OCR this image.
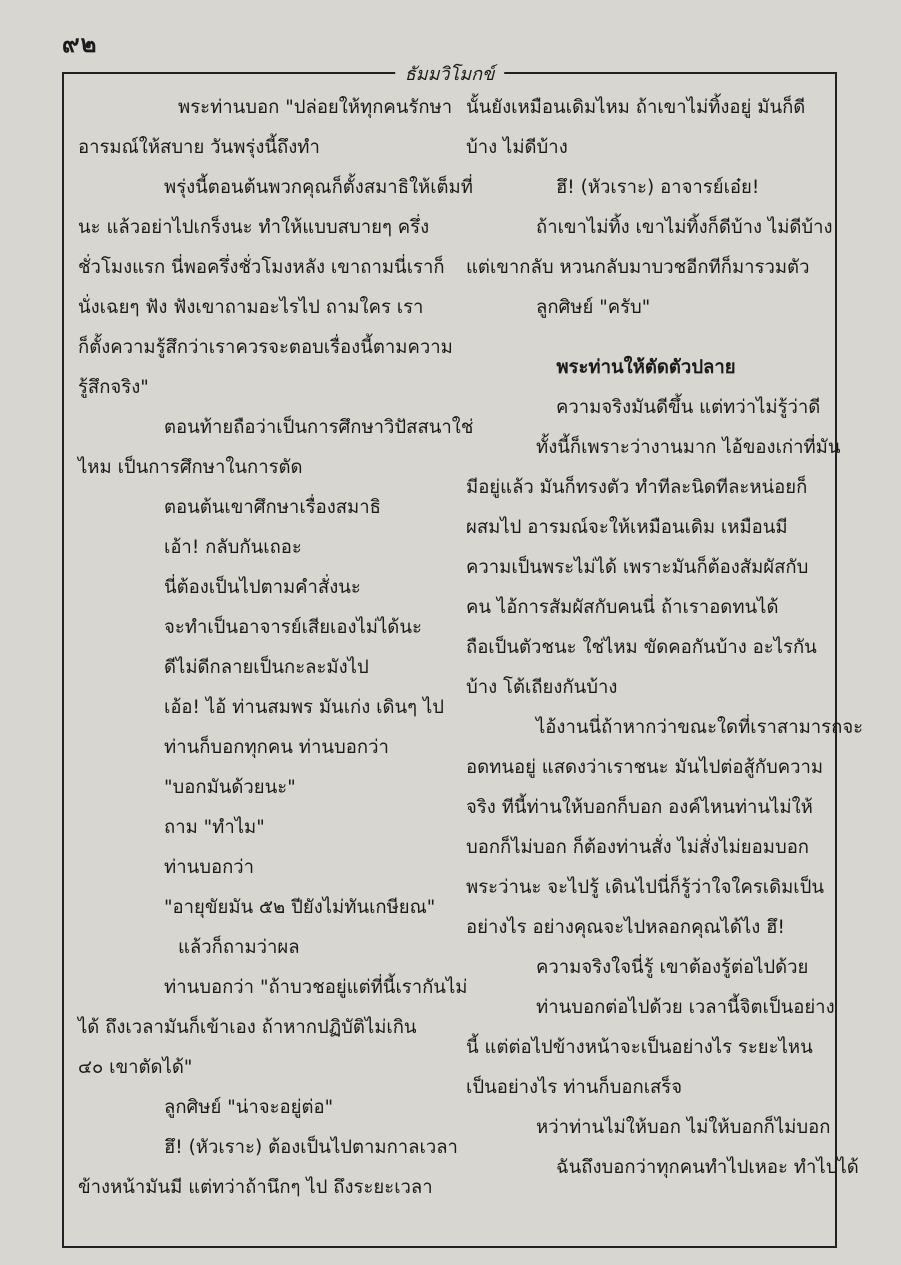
๙๒
ธัมมวิโมกข์

พระท่านบอก "ปล่อยให้ทุกคนรักษา

อารมณ์ให้สบาย วันพรุ่งนี้ถึงทำ

พรุ่งนี้ตอนต้นพวกคุณก็ตั้งสมาธิให้เต็มที่

นะ แล้วอย่าไปเกร็งนะ ทำให้แบบสบายๆ ครึ่ง

ชั่วโมงแรก นี่พอครึ่งชั่วโมงหลัง เขาถามนี่เราก็

นั่งเฉยๆ ฟัง ฟังเขาถามอะไรไป ถามใคร เรา

ก็ตั้งความรู้สึกว่าเราควรจะตอบเรื่องนี้ตามความ

รู้สึกจริง"

ตอนท้ายถือว่าเป็นการศึกษาวิปัสสนาใช่

ไหม เป็นการศึกษาในการตัด

ตอนต้นเขาศึกษาเรื่องสมาธิ

เอ้า! กลับกันเถอะ

นี่ต้องเป็นไปตามคำสั่งนะ

จะทำเป็นอาจารย์เสียเองไม่ได้นะ

ดีไม่ดีกลายเป็นกะละมังไป

เอ้อ! ไอ้ ท่านสมพร มันเก่ง เดินๆ ไป

ท่านก็บอกทุกคน ท่านบอกว่า

"บอกมันด้วยนะ"

ถาม "ทำไม"

ท่านบอกว่า

"อายุขัยมัน ๕๒ ปียังไม่ทันเกษียณ"

แล้วก็ถามว่าผล

ท่านบอกว่า "ถ้าบวชอยู่แต่ที่นี้เรากันไม่

ได้ ถึงเวลามันก็เข้าเอง ถ้าหากปฏิบัติไม่เกิน

๔๐ เขาตัดได้"

ลูกศิษย์ "น่าจะอยู่ต่อ"

ฮึ! (หัวเราะ) ต้องเป็นไปตามกาลเวลา

ข้างหน้ามันมี แต่ทว่าถ้านึกๆ ไป ถึงระยะเวลา

นั้นยังเหมือนเดิมไหม ถ้าเขาไม่ทิ้งอยู่ มันก็ดี

บ้าง ไม่ดีบ้าง

ฮึ! (หัวเราะ) อาจารย์เอ๋ย!

ถ้าเขาไม่ทิ้ง เขาไม่ทิ้งก็ดีบ้าง ไม่ดีบ้าง

แต่เขากลับ หวนกลับมาบวชอีกทีก็มารวมตัว

ลูกศิษย์ "ครับ"

พระท่านให้ตัดตัวปลาย

ความจริงมันดีขึ้น แต่ทว่าไม่รู้ว่าดี

ทั้งนี้ก็เพราะว่างานมาก ไอ้ของเก่าที่มัน

มีอยู่แล้ว มันก็ทรงตัว ทำทีละนิดทีละหน่อยก็

ผสมไป อารมณ์จะให้เหมือนเดิม เหมือนมี

ความเป็นพระไม่ได้ เพราะมันก็ต้องสัมผัสกับ

คน ไอ้การสัมผัสกับคนนี่ ถ้าเราอดทนได้

ถือเป็นตัวชนะ ใช่ไหม ขัดคอกันบ้าง อะไรกัน

บ้าง โต้เถียงกันบ้าง

ไอ้งานนี่ถ้าหากว่าขณะใดที่เราสามารถจะ

อดทนอยู่ แสดงว่าเราชนะ มันไปต่อสู้กับความ

จริง ทีนี้ท่านให้บอกก็บอก องค์ไหนท่านไม่ให้

บอกก็ไม่บอก ก็ต้องท่านสั่ง ไม่สั่งไม่ยอมบอก

พระว่านะ จะไปรู้ เดินไปนี่ก็รู้ว่าใจใครเดิมเป็น

อย่างไร อย่างคุณจะไปหลอกคุณได้ไง ฮึ!

ความจริงใจนี่รู้ เขาต้องรู้ต่อไปด้วย

ท่านบอกต่อไปด้วย เวลานี้จิตเป็นอย่าง

นี้ แต่ต่อไปข้างหน้าจะเป็นอย่างไร ระยะไหน

เป็นอย่างไร ท่านก็บอกเสร็จ

หว่าท่านไม่ให้บอก ไม่ให้บอกก็ไม่บอก

ฉันถึงบอกว่าทุกคนทำไปเหอะ ทำไปได้
